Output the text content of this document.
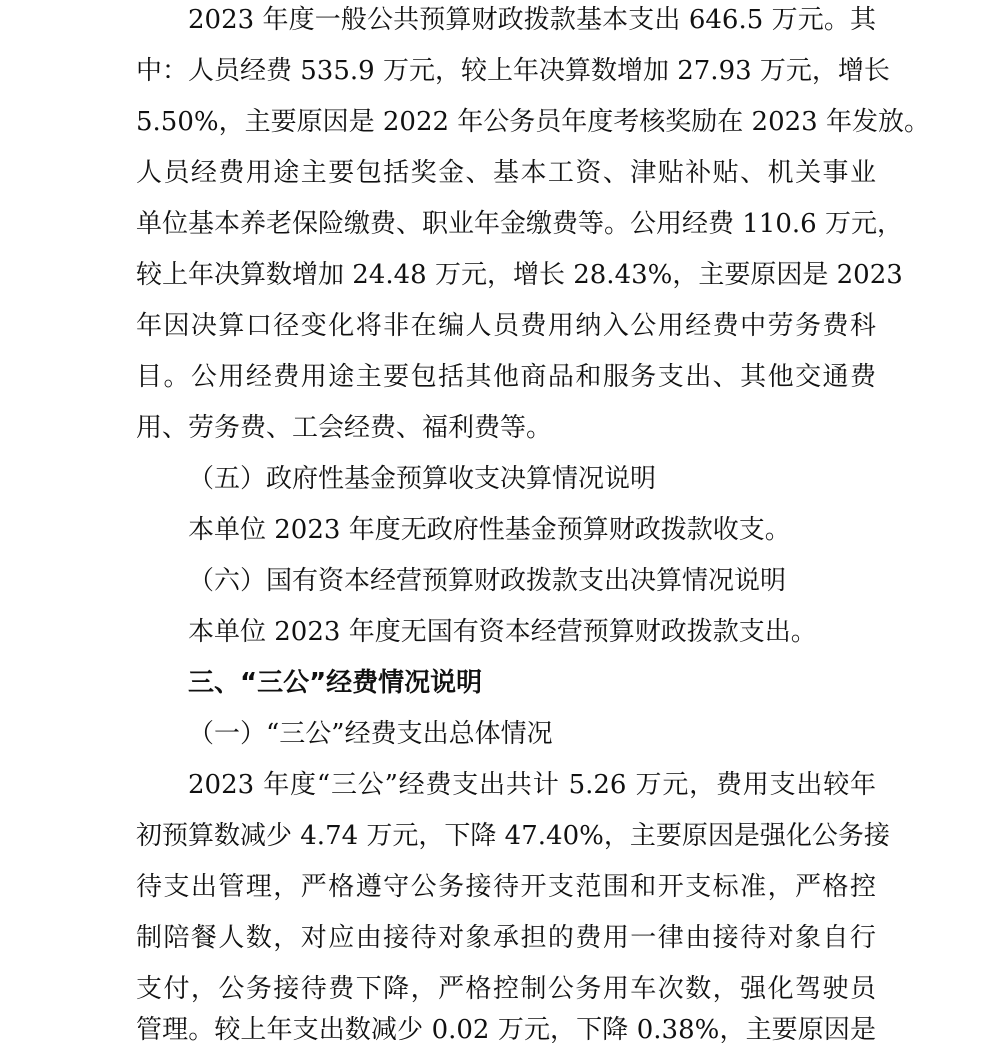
2023 年度一般公共预算财政拨款基本支出 646.5 万元。其
中：人员经费 535.9 万元，较上年决算数增加 27.93 万元，增长
5.50%，主要原因是 2022 年公务员年度考核奖励在 2023 年发放。
人员经费用途主要包括奖金、基本工资、津贴补贴、机关事业
单位基本养老保险缴费、职业年金缴费等。公用经费 110.6 万元，
较上年决算数增加 24.48 万元，增长 28.43%，主要原因是 2023
年因决算口径变化将非在编人员费用纳入公用经费中劳务费科
目。公用经费用途主要包括其他商品和服务支出、其他交通费
用、劳务费、工会经费、福利费等。
（五）政府性基金预算收支决算情况说明
本单位 2023 年度无政府性基金预算财政拨款收支。
（六）国有资本经营预算财政拨款支出决算情况说明
本单位 2023 年度无国有资本经营预算财政拨款支出。
三、“三公”经费情况说明
（一）“三公”经费支出总体情况
2023 年度“三公”经费支出共计 5.26 万元，费用支出较年
初预算数减少 4.74 万元，下降 47.40%，主要原因是强化公务接
待支出管理，严格遵守公务接待开支范围和开支标准，严格控
制陪餐人数，对应由接待对象承担的费用一律由接待对象自行
支付，公务接待费下降，严格控制公务用车次数，强化驾驶员
管理。较上年支出数减少 0.02 万元，下降 0.38%，主要原因是
